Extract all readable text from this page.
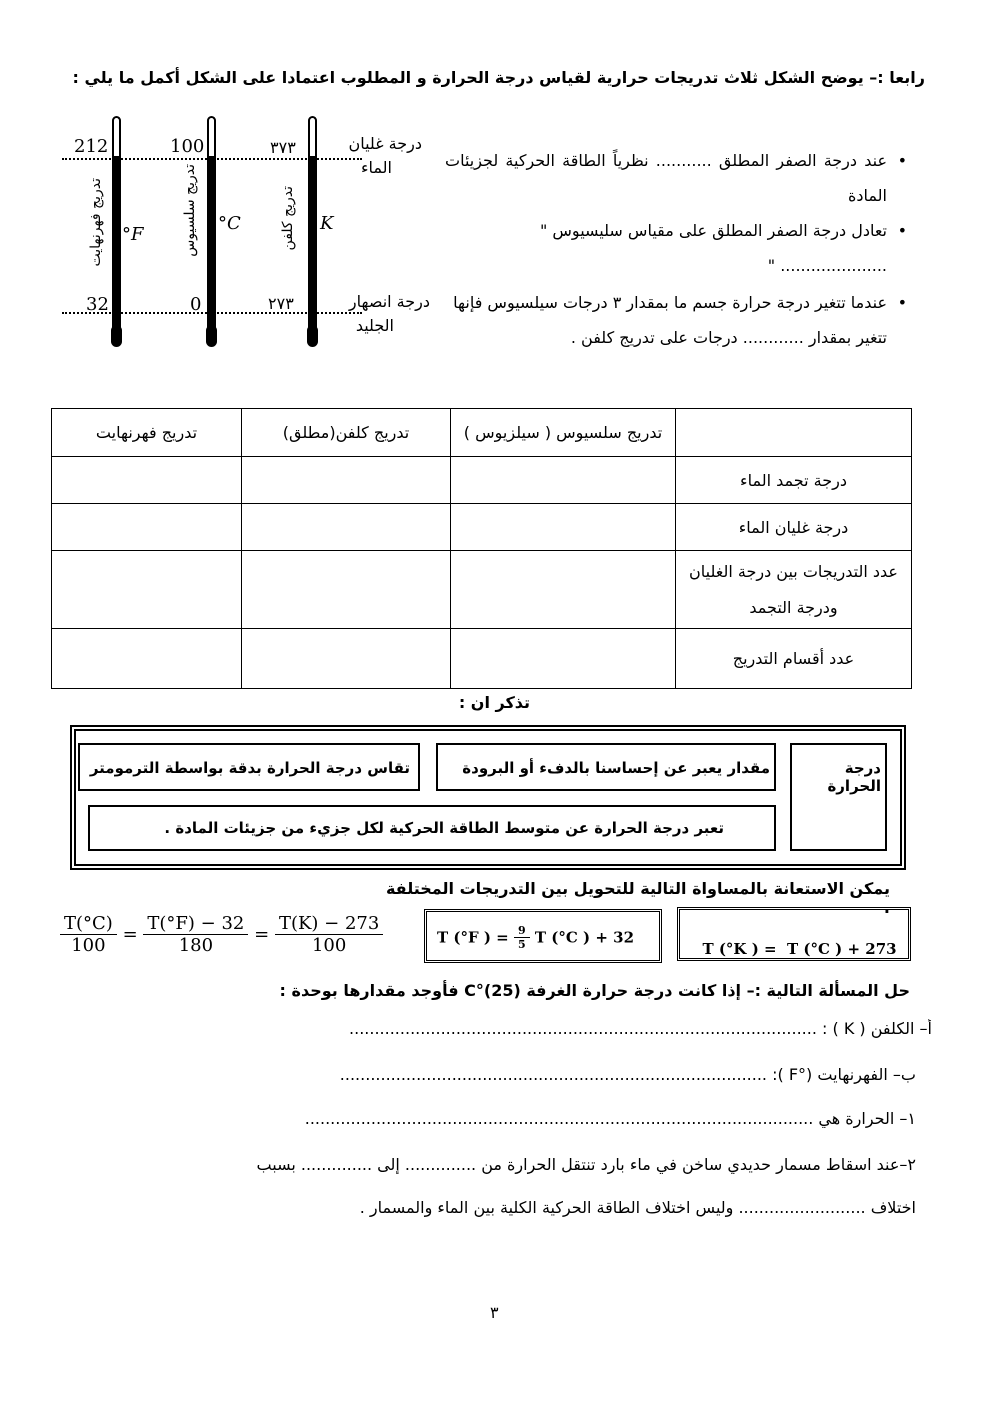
رابعا :– يوضح الشكل ثلاث تدريجات حرارية لقياس درجة الحرارة و المطلوب اعتمادا على الشكل أكمل ما يلي :
212
32
100
0
٣٧٣
٢٧٣
°F
°C	K
تدريج فهرنهايت	تدريج سلسيوس	تدريج كلفن
درجة غليان
الماء
درجة انصهار
الجليد
•
عند درجة الصفر المطلق ........... نظرياً الطاقة الحركية لجزيئات المادة
•
تعادل درجة الصفر المطلق على مقياس سليسيوس " ..................... "
•
عندما تتغير درجة حرارة جسم ما بمقدار ٣ درجات سيلسيوس فإنها تتغير بمقدار ............ درجات على تدريج كلفن .
	تدريج سلسيوس ( سيلزيوس )	تدريج كلفن(مطلق)	تدريج فهرنهايت
درجة تجمد الماء			
درجة غليان الماء			
عدد التدريجات بين درجة الغليان ودرجة التجمد			
عدد أقسام التدريج			
تذكر ان :
درجة الحرارة
مقدار يعبر عن إحساسنا بالدفء أو البرودة
تقاس درجة الحرارة بدقة بواسطة الترمومتر
تعبر درجة الحرارة عن متوسط الطاقة الحركية لكل جزيء من جزيئات المادة .
يمكن الاستعانة بالمساواة التالية للتحويل بين التدريجات المختلفة .
$\frac{T(^\circ C)}{100} = \frac{T(^\circ F) - 32}{180} = \frac{T(K) - 273}{100}$	T (°F ) = $\frac{9}{5}$ T (°C ) + 32

T (°K ) =  T (°C ) + 273

حل المسألة التالية :– إذا كانت درجة حرارة الغرفة (25)°C فأوجد مقدارها بوحدة :
أ– الكلفن ( K ) : ............................................................................................
ب– الفهرنهايت (°F ): ....................................................................................
١– الحرارة هي ....................................................................................................
٢–عند اسقاط مسمار حديدي ساخن في ماء بارد تنتقل الحرارة من .............. إلى .............. بسبب
اختلاف ......................... وليس اختلاف الطاقة الحركية الكلية بين الماء والمسمار .
٣
